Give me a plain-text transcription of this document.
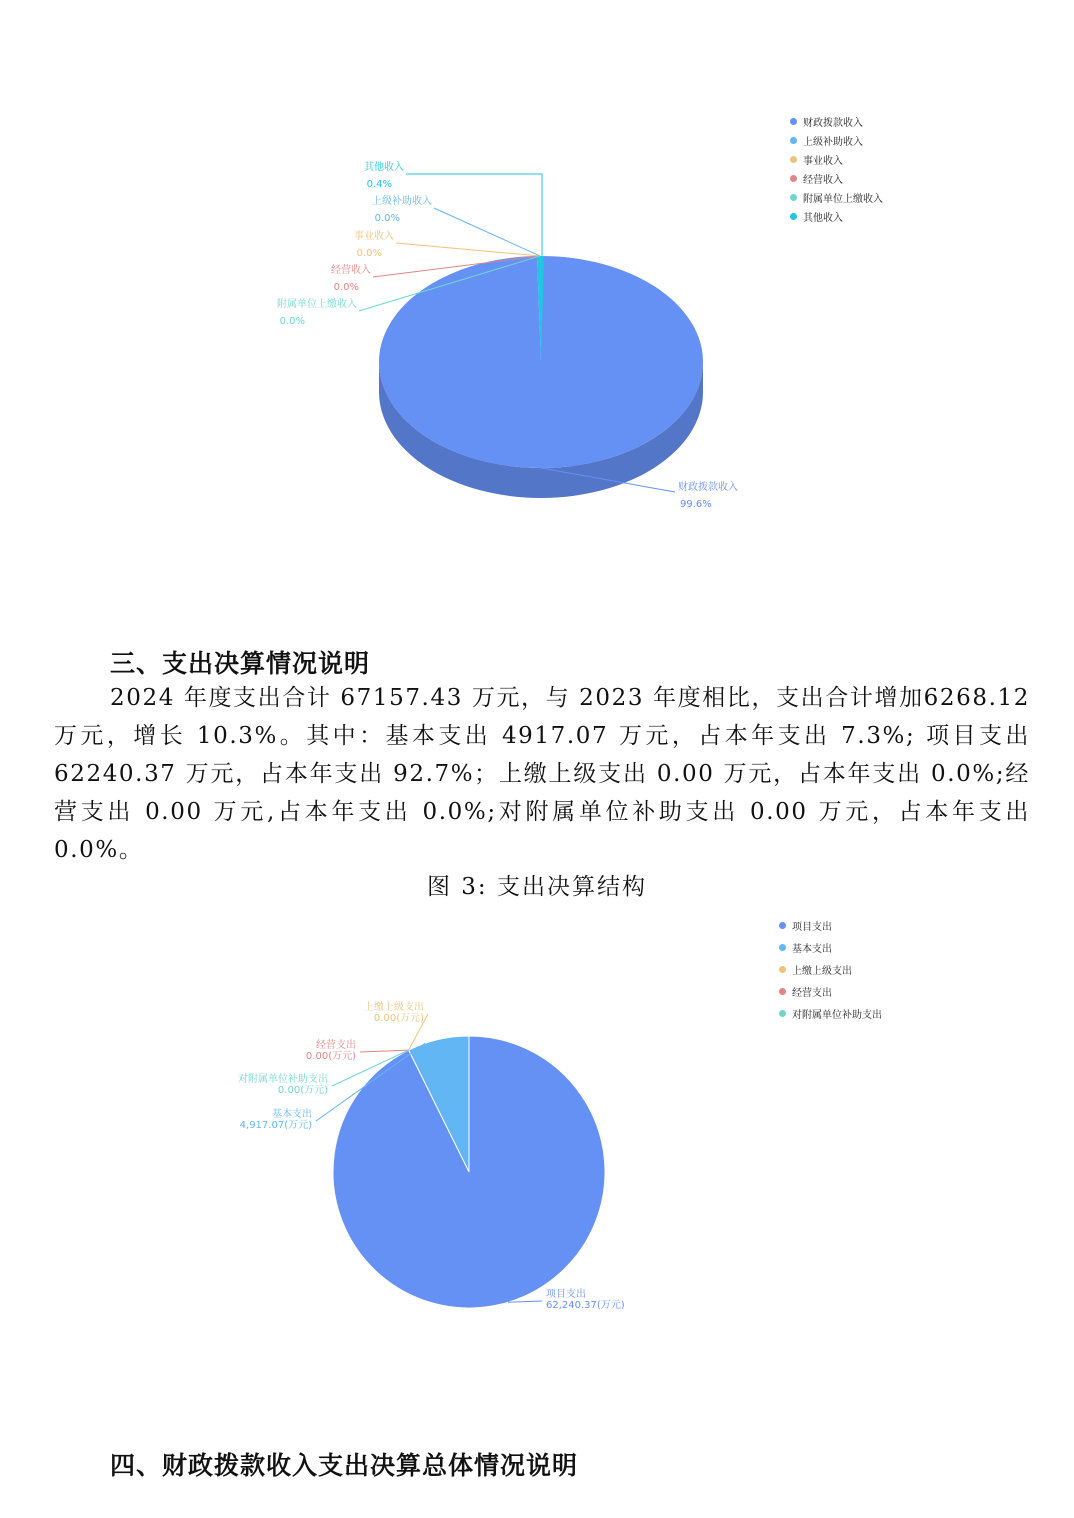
财政拨款收入
上级补助收入
事业收入
经营收入
附属单位上缴收入
其他收入
财政拨款收入
99.6%
上级补助收入
0.0%
事业收入
0.0%
经营收入
0.0%
附属单位上缴收入
0.0%
其他收入
0.4%
三、支出决算情况说明
2024 年度支出合计 67157.43 万元，与 2023 年度相比，支出合计增加6268.12 万元，增长 10.3%。其中：基本支出 4917.07 万元，占本年支出 7.3%; 项目支出 62240.37 万元，占本年支出 92.7%；上缴上级支出 0.00 万元，占本年支出 0.0%;经营支出 0.00 万元,占本年支出 0.0%;对附属单位补助支出 0.00 万元，占本年支出 0.0%。
图 3: 支出决算结构
项目支出
基本支出
上缴上级支出
经营支出
对附属单位补助支出
项目支出
62,240.37(万元)
基本支出
4,917.07(万元)
上缴上级支出
0.00(万元)
经营支出
0.00(万元)
对附属单位补助支出
0.00(万元)
四、财政拨款收入支出决算总体情况说明
